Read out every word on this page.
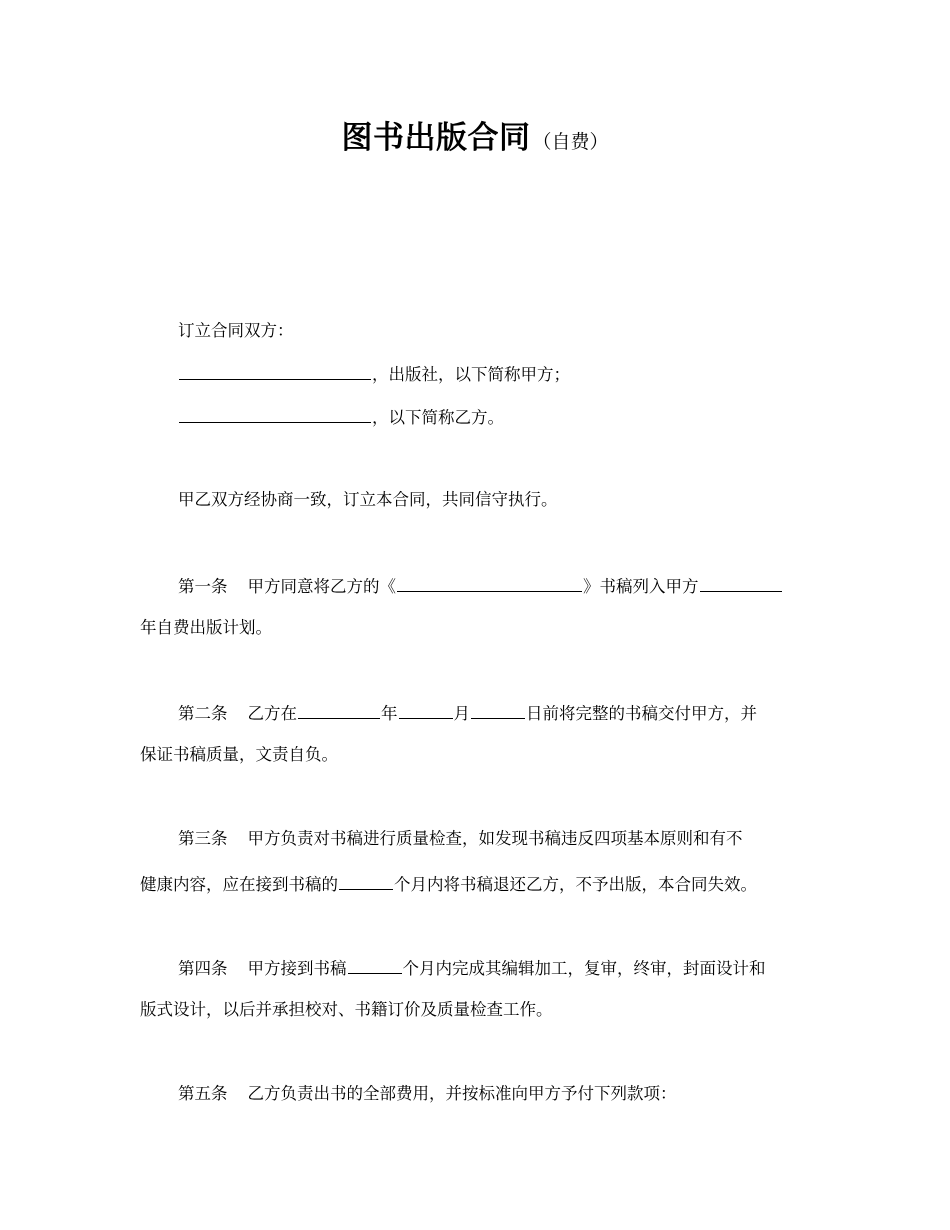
图书出版合同 （自费）
订立合同双方：
，出版社，以下简称甲方；
，以下简称乙方。
甲乙双方经协商一致，订立本合同，共同信守执行。
第一条 甲方同意将乙方的《	》书稿列入甲方
年自费出版计划。
第二条 乙方在	年	月	日前将完整的书稿交付甲方，并
保证书稿质量，文责自负。
第三条 甲方负责对书稿进行质量检查，如发现书稿违反四项基本原则和有不
健康内容，应在接到书稿的	个月内将书稿退还乙方，不予出版，本合同失效。
第四条 甲方接到书稿	个月内完成其编辑加工，复审，终审，封面设计和
版式设计，以后并承担校对、书籍订价及质量检查工作。
第五条 乙方负责出书的全部费用，并按标准向甲方予付下列款项：
